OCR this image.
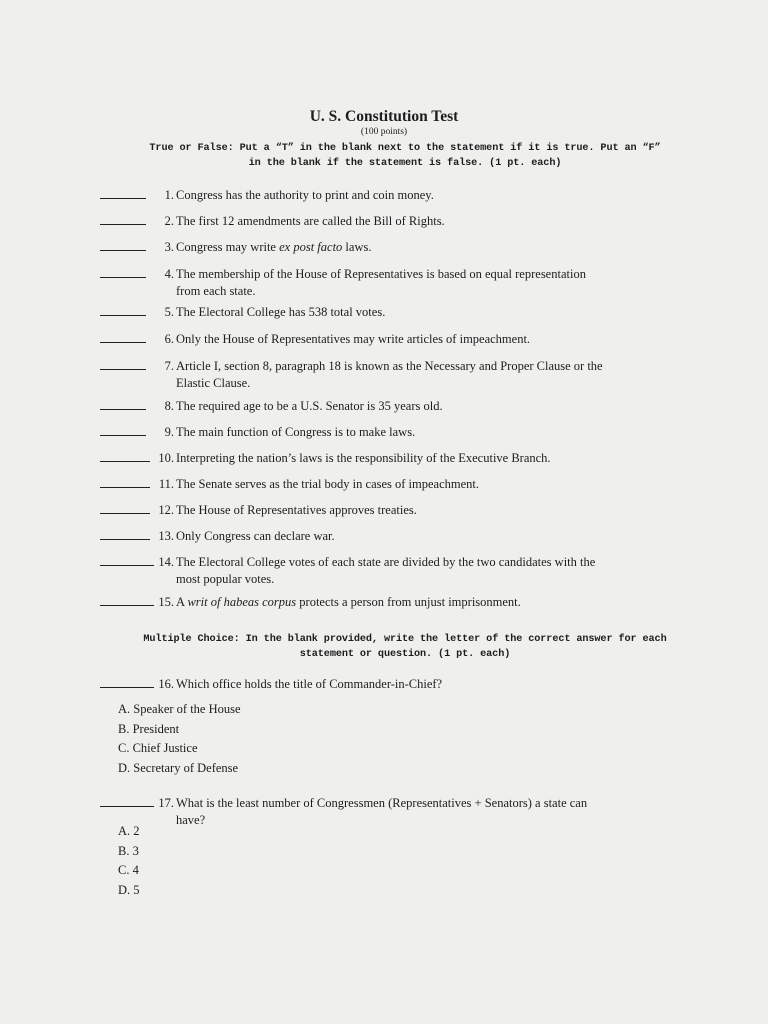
U. S. Constitution Test
(100 points)
True or False: Put a “T” in the blank next to the statement if it is true. Put an “F”
in the blank if the statement is false. (1 pt. each)
1. Congress has the authority to print and coin money.
2. The first 12 amendments are called the Bill of Rights.
3. Congress may write ex post facto laws.
4. The membership of the House of Representatives is based on equal representation
from each state.
5. The Electoral College has 538 total votes.
6. Only the House of Representatives may write articles of impeachment.
7. Article I, section 8, paragraph 18 is known as the Necessary and Proper Clause or the
Elastic Clause.
8. The required age to be a U.S. Senator is 35 years old.
9. The main function of Congress is to make laws.
10. Interpreting the nation’s laws is the responsibility of the Executive Branch.
11. The Senate serves as the trial body in cases of impeachment.
12. The House of Representatives approves treaties.
13. Only Congress can declare war.
14. The Electoral College votes of each state are divided by the two candidates with the
most popular votes.
15. A writ of habeas corpus protects a person from unjust imprisonment.
Multiple Choice: In the blank provided, write the letter of the correct answer for each
statement or question. (1 pt. each)
16. Which office holds the title of Commander-in-Chief?
A. Speaker of the House
B. President
C. Chief Justice
D. Secretary of Defense
17. What is the least number of Congressmen (Representatives + Senators) a state can
have?
A. 2
B. 3
C. 4
D. 5
